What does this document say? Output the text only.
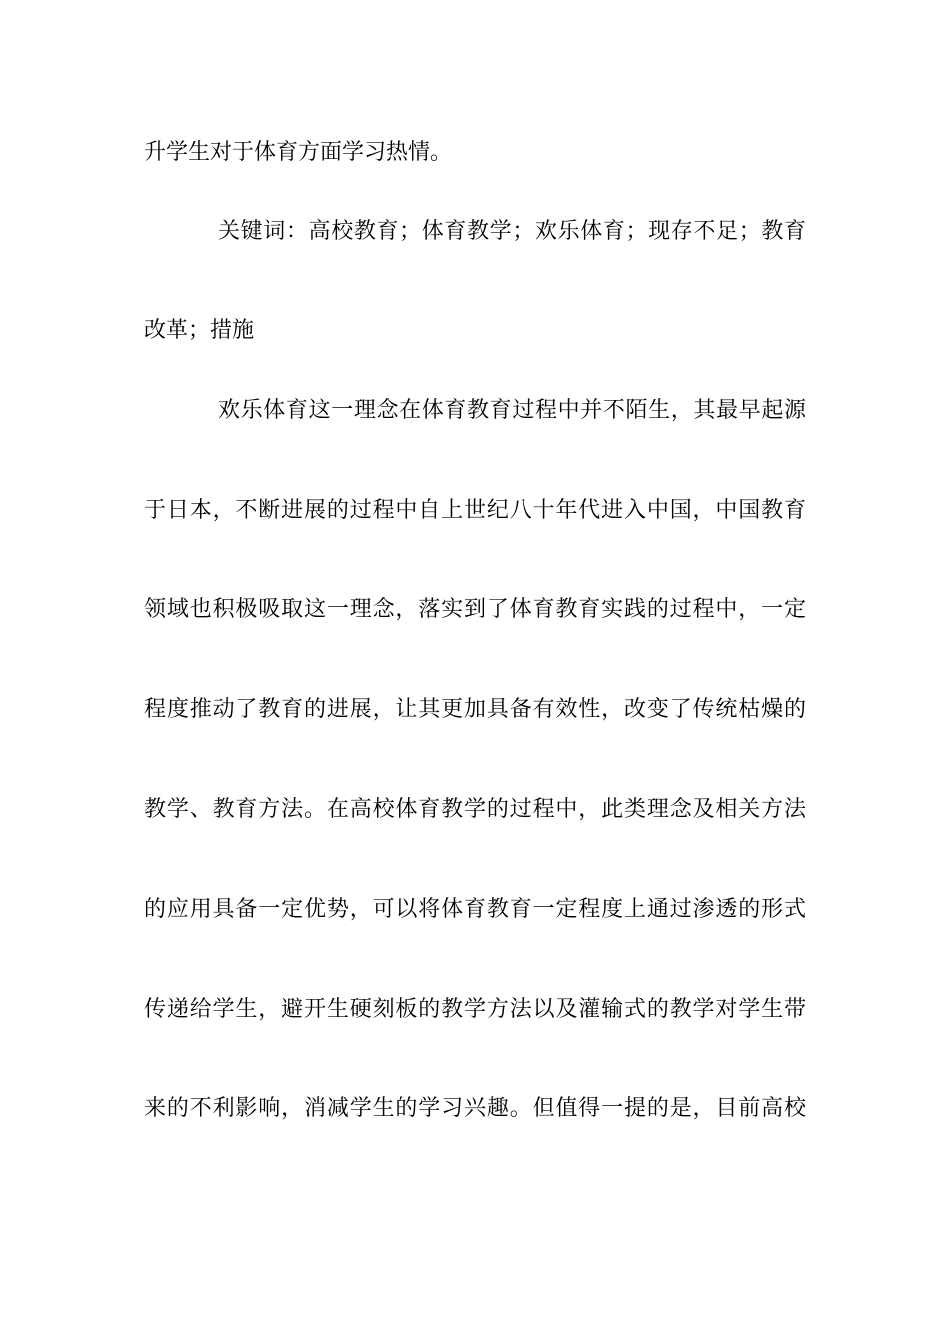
升学生对于体育方面学习热情。
关键词：高校教育；体育教学；欢乐体育；现存不足；教育
改革；措施
欢乐体育这一理念在体育教育过程中并不陌生，其最早起源
于日本，不断进展的过程中自上世纪八十年代进入中国，中国教育
领域也积极吸取这一理念，落实到了体育教育实践的过程中，一定
程度推动了教育的进展，让其更加具备有效性，改变了传统枯燥的
教学、教育方法。在高校体育教学的过程中，此类理念及相关方法
的应用具备一定优势，可以将体育教育一定程度上通过渗透的形式
传递给学生，避开生硬刻板的教学方法以及灌输式的教学对学生带
来的不利影响，消减学生的学习兴趣。但值得一提的是，目前高校
